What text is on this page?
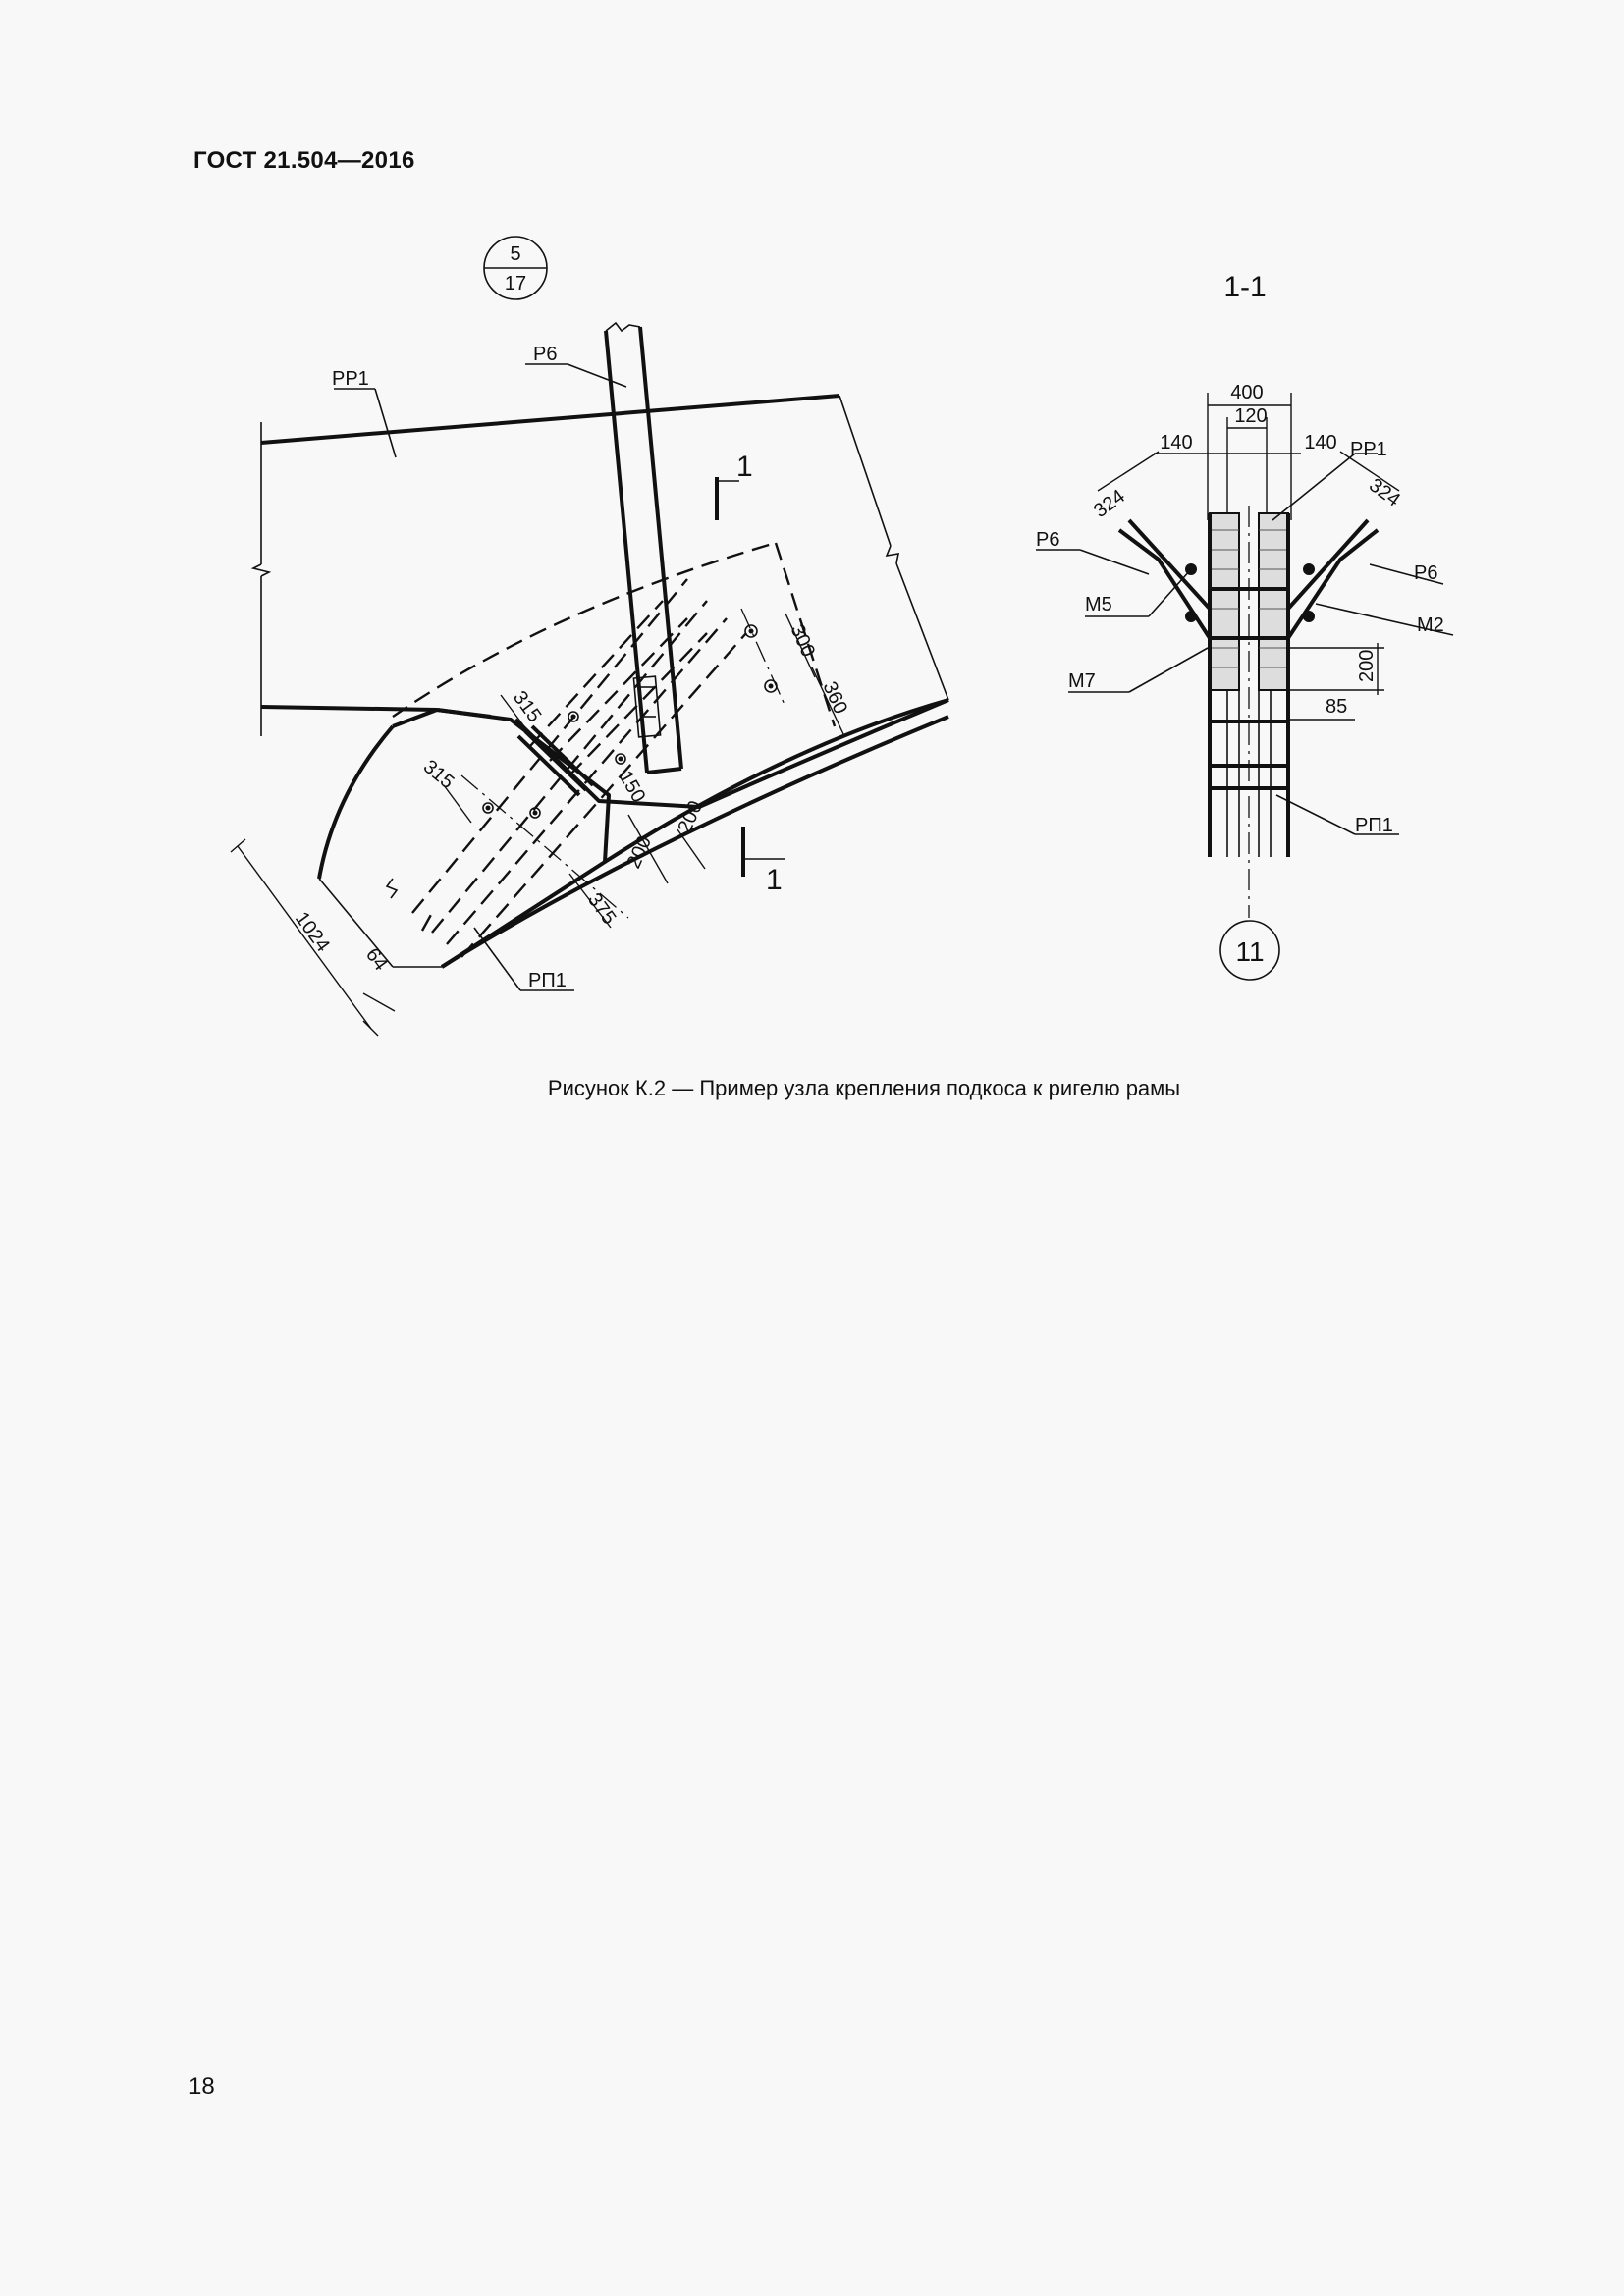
ГОСТ 21.504—2016
5
17
1
1
РР1
Р6
РП1
1024
64
315
315
375
200
200
150
300
360
1-1
400
120
140	140
324	324
200
85
РР1
Р6
Р6
М5
М2
М7
РП1
11
Рисунок К.2 — Пример узла крепления подкоса к ригелю рамы
18
